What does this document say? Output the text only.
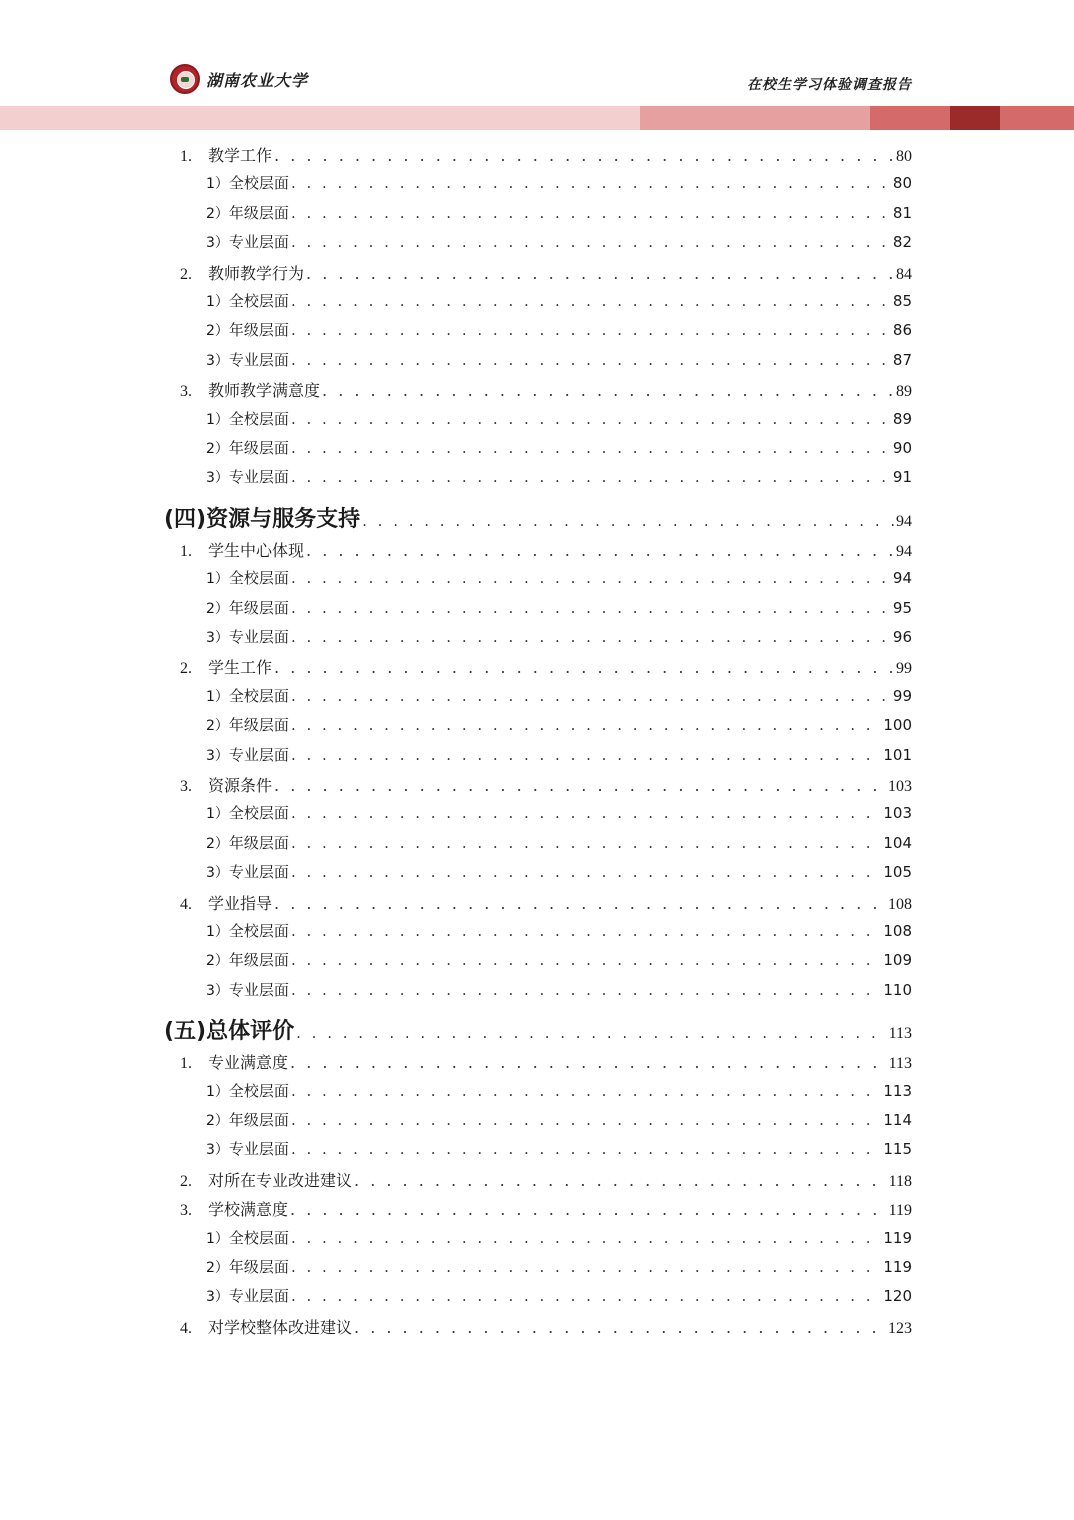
湖南农业大学	在校生学习体验调查报告
1. 教学工作 . . .	80
1）全校层面 . . .	80
2）年级层面 . . .	81
3）专业层面 . . .	82
2. 教师教学行为 . . .	84
1）全校层面 . . .	85
2）年级层面 . . .	86
3）专业层面 . . .	87
3. 教师教学满意度 . . .	89
1）全校层面 . . .	89
2）年级层面 . . .	90
3）专业层面 . . .	91
(四)资源与服务支持 . . .	94
1. 学生中心体现 . . .	94
1）全校层面 . . .	94
2）年级层面 . . .	95
3）专业层面 . . .	96
2. 学生工作 . . .	99
1）全校层面 . . .	99
2）年级层面 . . .	100
3）专业层面 . . .	101
3. 资源条件 . . .	103
1）全校层面 . . .	103
2）年级层面 . . .	104
3）专业层面 . . .	105
4. 学业指导 . . .	108
1）全校层面 . . .	108
2）年级层面 . . .	109
3）专业层面 . . .	110
(五)总体评价 . . .	113
1. 专业满意度 . . .	113
1）全校层面 . . .	113
2）年级层面 . . .	114
3）专业层面 . . .	115
2. 对所在专业改进建议 . . .	118
3. 学校满意度 . . .	119
1）全校层面 . . .	119
2）年级层面 . . .	119
3）专业层面 . . .	120
4. 对学校整体改进建议 . . .	123
